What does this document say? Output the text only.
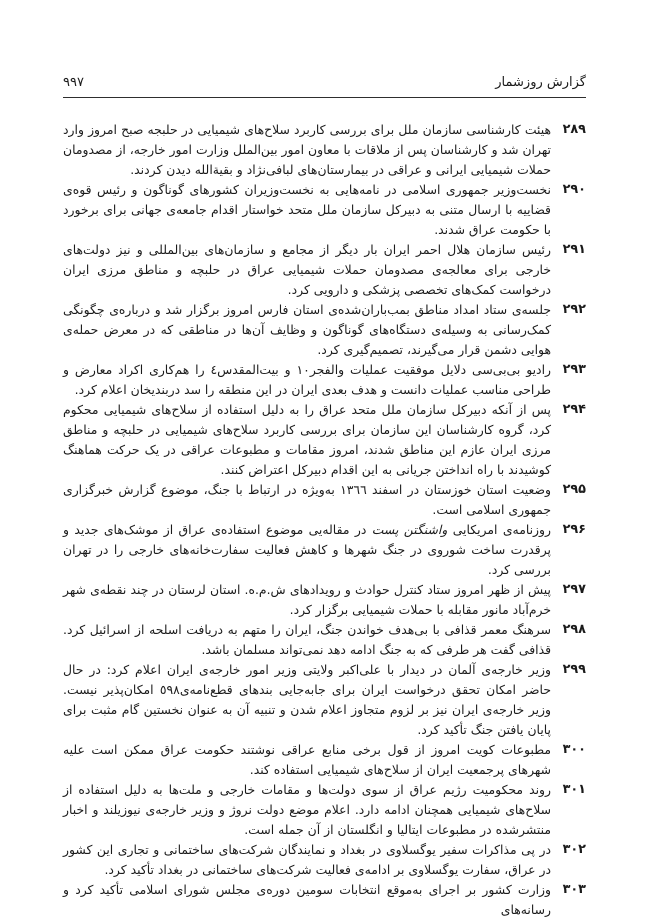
گزارش روزشمار
۹۹۷
۲۸۹
هیئت کارشناسی سازمان ملل برای بررسی کاربرد سلاح‌های شیمیایی در حلبجه صبح امروز وارد تهران شد و کارشناسان پس از ملاقات با معاون امور بین‌الملل وزارت امور خارجه، از مصدومان حملات شیمیایی ایرانی و عراقی در بیمارستان‌های لبافی‌نژاد و بقیةالله دیدن کردند.
۲۹۰
نخست‌وزیر جمهوری اسلامی در نامه‌هایی به نخست‌وزیران کشورهای گوناگون و رئیس قوه‌ی قضاییه با ارسال متنی به دبیرکل سازمان ملل متحد خواستار اقدام جامعه‌ی جهانی برای برخورد با حکومت عراق شدند.
۲۹۱
رئیس سازمان هلال احمر ایران بار دیگر از مجامع و سازمان‌های بین‌المللی و نیز دولت‌های خارجی برای معالجه‌ی مصدومان حملات شیمیایی عراق در حلبچه و مناطق مرزی ایران درخواست کمک‌های تخصصی پزشکی و دارویی کرد.
۲۹۲
جلسه‌ی ستاد امداد مناطق بمب‌باران‌شده‌ی استان فارس امروز برگزار شد و درباره‌ی چگونگی کمک‌رسانی به وسیله‌ی دستگاه‌های گوناگون و وظایف آن‌ها در مناطقی که در معرض حمله‌ی هوایی دشمن قرار می‌گیرند، تصمیم‌گیری کرد.
۲۹۳
رادیو بی‌بی‌سی دلایل موفقیت عملیات والفجر۱۰ و بیت‌المقدس٤ را هم‌کاری اکراد معارض و طراحی مناسب عملیات دانست و هدف بعدی ایران در این منطقه را سد دربندیخان اعلام کرد.
۲۹۴
پس از آنکه دبیرکل سازمان ملل متحد عراق را به دلیل استفاده از سلاح‌های شیمیایی محکوم کرد، گروه کارشناسان این سازمان برای بررسی کاربرد سلاح‌های شیمیایی در حلبچه و مناطق مرزی ایران عازم این مناطق شدند، امروز مقامات و مطبوعات عراقی در یک حرکت هماهنگ کوشیدند با راه انداختن جریانی به این اقدام دبیرکل اعتراض کنند.
۲۹۵
وضعیت استان خوزستان در اسفند ۱۳٦٦ به‌ویژه در ارتباط با جنگ، موضوع گزارش خبرگزاری جمهوری اسلامی است.
۲۹۶
روزنامه‌ی امریکایی واشنگتن پست در مقاله‌یی موضوع استفاده‌ی عراق از موشک‌های جدید و پرقدرت ساخت شوروی در جنگ شهرها و کاهش فعالیت سفارت‌خانه‌های خارجی را در تهران بررسی کرد.
۲۹۷
پیش از ظهر امروز ستاد کنترل حوادث و رویدادهای ش.م.ه. استان لرستان در چند نقطه‌ی شهر خرم‌آباد مانور مقابله با حملات شیمیایی برگزار کرد.
۲۹۸
سرهنگ معمر قذافی با بی‌هدف خواندن جنگ، ایران را متهم به دریافت اسلحه از اسرائیل کرد. قذافی گفت هر طرفی که به جنگ ادامه دهد نمی‌تواند مسلمان باشد.
۲۹۹
وزیر خارجه‌ی آلمان در دیدار با علی‌اکبر ولایتی وزیر امور خارجه‌ی ایران اعلام کرد: در حال حاضر امکان تحقق درخواست ایران برای جابه‌جایی بندهای قطع‌نامه‌ی٥٩٨ امکان‌پذیر نیست. وزیر خارجه‌ی ایران نیز بر لزوم متجاوز اعلام شدن و تنبیه آن به عنوان نخستین گام مثبت برای پایان یافتن جنگ تأکید کرد.
۳۰۰
مطبوعات کویت امروز از قول برخی منابع عراقی نوشتند حکومت عراق ممکن است علیه شهرهای پرجمعیت ایران از سلاح‌های شیمیایی استفاده کند.
۳۰۱
روند محکومیت رژیم عراق از سوی دولت‌ها و مقامات خارجی و ملت‌ها به دلیل استفاده از سلاح‌های شیمیایی همچنان ادامه دارد. اعلام موضع دولت نروژ و وزیر خارجه‌ی نیوزیلند و اخبار منتشرشده در مطبوعات ایتالیا و انگلستان از آن جمله است.
۳۰۲
در پی مذاکرات سفیر یوگسلاوی در بغداد و نمایندگان شرکت‌های ساختمانی و تجاری این کشور در عراق، سفارت یوگسلاوی بر ادامه‌ی فعالیت شرکت‌های ساختمانی در بغداد تأکید کرد.
۳۰۳
وزارت کشور بر اجرای به‌موقع انتخابات سومین دوره‌ی مجلس شورای اسلامی تأکید کرد و رسانه‌های
